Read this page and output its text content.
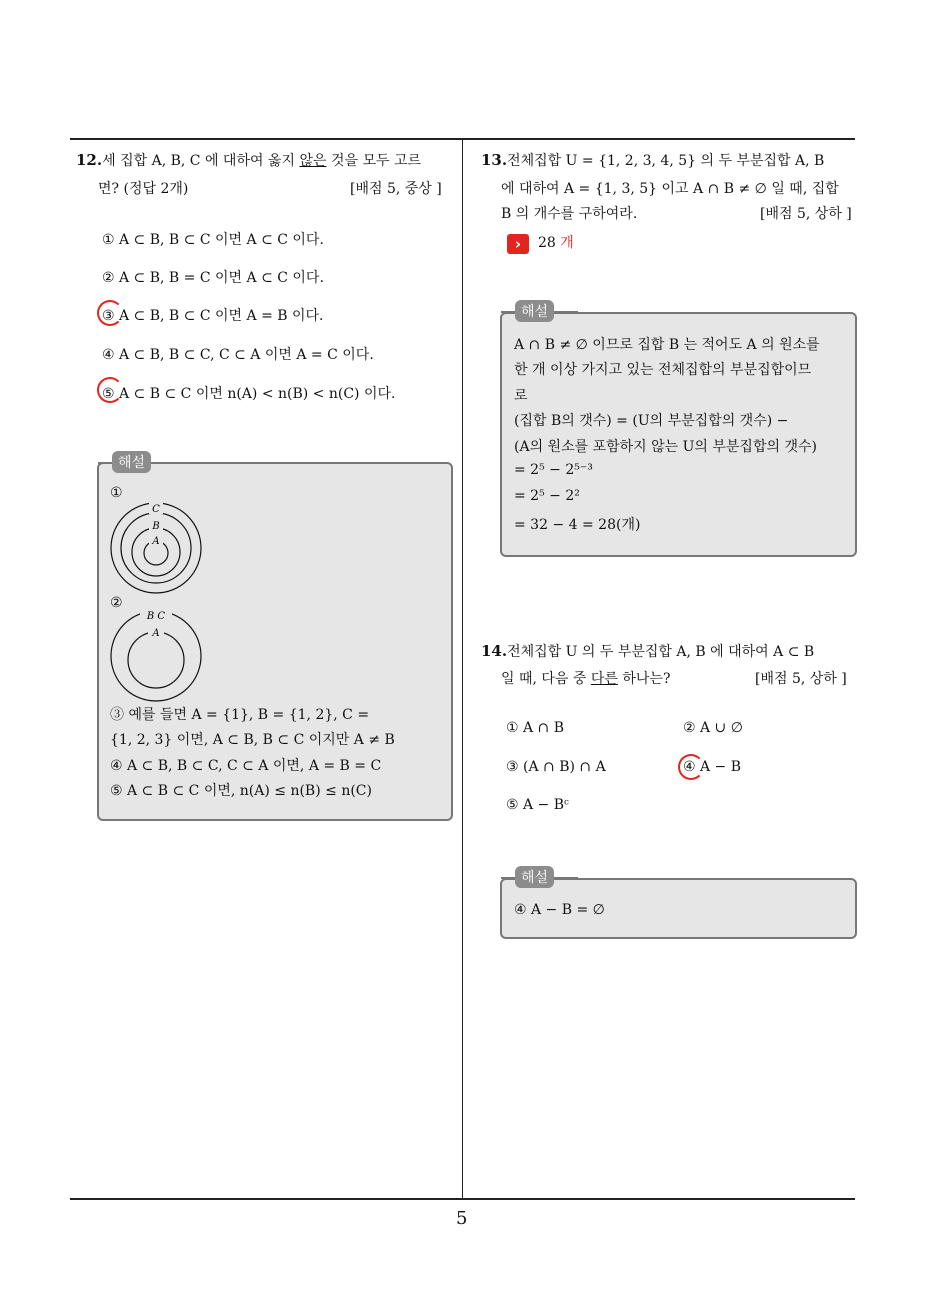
5
12.세 집합 A, B, C 에 대하여 옳지 않은 것을 모두 고르
면? (정답 2개)	[배점 5, 중상 ]
① A ⊂ B, B ⊂ C 이면 A ⊂ C 이다.
② A ⊂ B, B = C 이면 A ⊂ C 이다.
③ A ⊂ B, B ⊂ C 이면 A = B 이다.
④ A ⊂ B, B ⊂ C, C ⊂ A 이면 A = C 이다.
⑤ A ⊂ B ⊂ C 이면 n(A) < n(B) < n(C) 이다.
해설
①
C
B
A
②
B C
A
③ 예를 들면 A = {1}, B = {1, 2}, C =
{1, 2, 3} 이면, A ⊂ B, B ⊂ C 이지만 A ≠ B
④ A ⊂ B, B ⊂ C, C ⊂ A 이면, A = B = C
⑤ A ⊂ B ⊂ C 이면, n(A) ≤ n(B) ≤ n(C)
13.전체집합 U = {1, 2, 3, 4, 5} 의 두 부분집합 A, B
에 대하여 A = {1, 3, 5} 이고 A ∩ B ≠ ∅ 일 때, 집합
B 의 개수를 구하여라.	[배점 5, 상하 ]
›	28 개
해설
A ∩ B ≠ ∅ 이므로 집합 B 는 적어도 A 의 원소를
한 개 이상 가지고 있는 전체집합의 부분집합이므
로
(집합 B의 갯수) = (U의 부분집합의 갯수) −
(A의 원소를 포함하지 않는 U의 부분집합의 갯수)
= 2⁵ − 2⁵⁻³
= 2⁵ − 2²
= 32 − 4 = 28(개)
14.전체집합 U 의 두 부분집합 A, B 에 대하여 A ⊂ B
일 때, 다음 중 다른 하나는?	[배점 5, 상하 ]
① A ∩ B	② A ∪ ∅
③ (A ∩ B) ∩ A	④ A − B
⑤ A − Bᶜ
해설
④ A − B = ∅
